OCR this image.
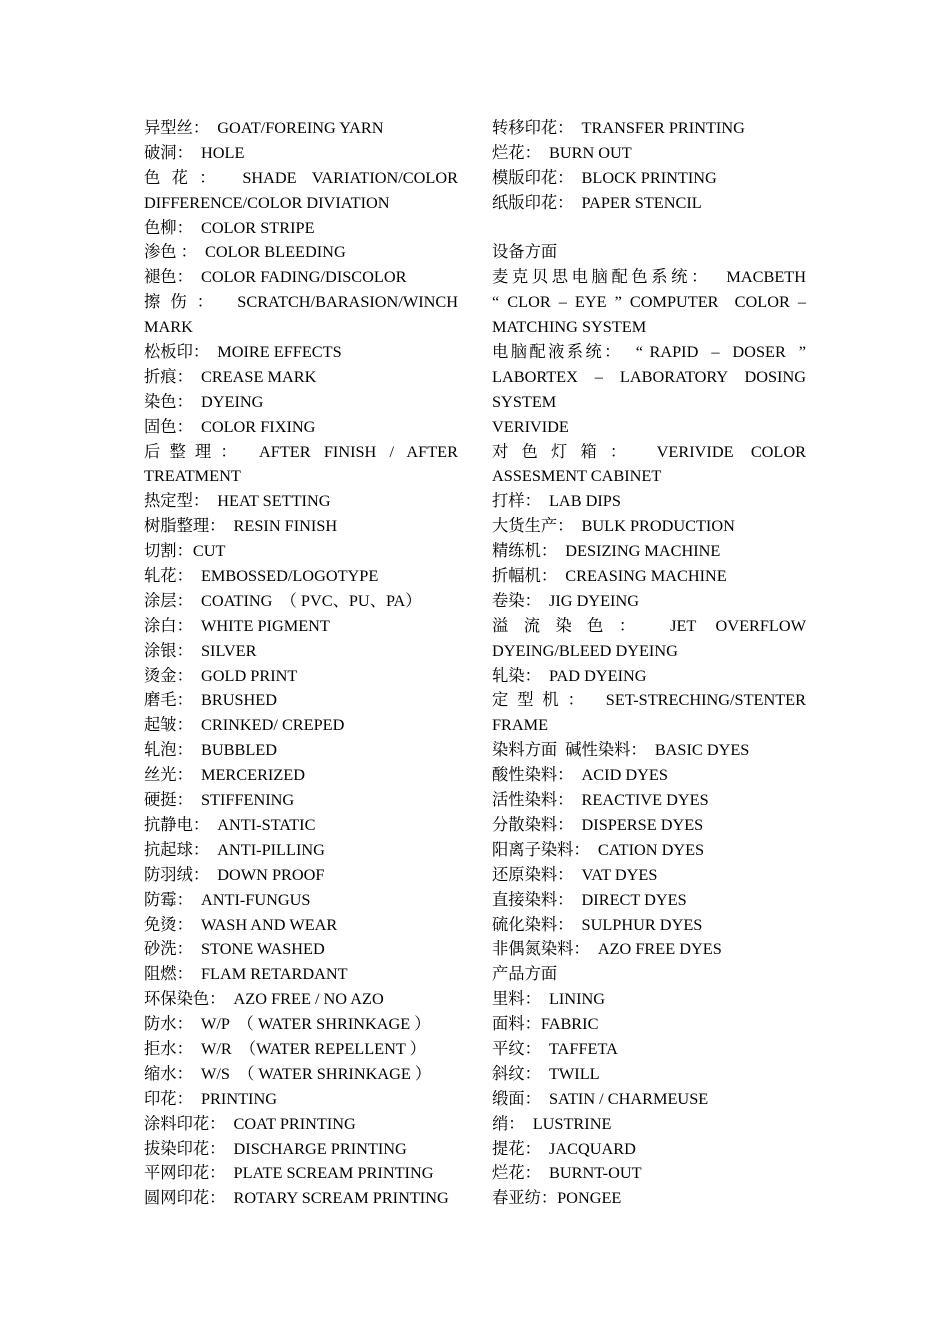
异型丝：  GOAT/FOREING YARN
破洞：  HOLE
色 花 ：   SHADE  VARIATION/COLOR
DIFFERENCE/COLOR DIVIATION
色柳：  COLOR STRIPE
渗色 ：  COLOR BLEEDING
褪色：  COLOR FADING/DISCOLOR
擦 伤 ：   SCRATCH/BARASION/WINCH
MARK
松板印：  MOIRE EFFECTS
折痕：  CREASE MARK
染色：  DYEING
固色：  COLOR FIXING
后 整 理 ：   AFTER  FINISH  /  AFTER
TREATMENT
热定型：  HEAT SETTING
树脂整理：  RESIN FINISH
切割：CUT
轧花：  EMBOSSED/LOGOTYPE
涂层：  COATING  （ PVC、PU、PA）
涂白：  WHITE PIGMENT
涂银：  SILVER
烫金：  GOLD PRINT
磨毛：  BRUSHED
起皱：  CRINKED/ CREPED
轧泡：  BUBBLED
丝光：  MERCERIZED
硬挺：  STIFFENING
抗静电：  ANTI-STATIC
抗起球：  ANTI-PILLING
防羽绒：  DOWN PROOF
防霉：  ANTI-FUNGUS
免烫：  WASH AND WEAR
砂洗：  STONE WASHED
阻燃：  FLAM RETARDANT
环保染色：  AZO FREE / NO AZO
防水：  W/P  （ WATER SHRINKAGE ）
拒水：  W/R  （WATER REPELLENT ）
缩水：  W/S  （ WATER SHRINKAGE ）
印花：  PRINTING
涂料印花：  COAT PRINTING
拔染印花：  DISCHARGE PRINTING
平网印花：  PLATE SCREAM PRINTING
圆网印花：  ROTARY SCREAM PRINTING
转移印花：  TRANSFER PRINTING
烂花：  BURN OUT
模版印花：  BLOCK PRINTING
纸版印花：  PAPER STENCIL
设备方面
麦克贝思电脑配色系统：  MACBETH
“ CLOR – EYE ” COMPUTER  COLOR –
MATCHING SYSTEM
电脑配液系统：  “ RAPID  –  DOSER  ”
LABORTEX  –  LABORATORY  DOSING
SYSTEM
VERIVIDE
对 色 灯 箱 ：   VERIVIDE  COLOR
ASSESMENT CABINET
打样：  LAB DIPS
大货生产：  BULK PRODUCTION
精练机：  DESIZING MACHINE
折幅机：  CREASING MACHINE
卷染：  JIG DYEING
溢 流 染 色 ：   JET  OVERFLOW
DYEING/BLEED DYEING
轧染：  PAD DYEING
定 型 机 ：   SET-STRECHING/STENTER
FRAME
染料方面  碱性染料：  BASIC DYES
酸性染料：  ACID DYES
活性染料：  REACTIVE DYES
分散染料：  DISPERSE DYES
阳离子染料：  CATION DYES
还原染料：  VAT DYES
直接染料：  DIRECT DYES
硫化染料：  SULPHUR DYES
非偶氮染料：  AZO FREE DYES
产品方面
里料：  LINING
面料：FABRIC
平纹：  TAFFETA
斜纹：  TWILL
缎面：  SATIN / CHARMEUSE
绡：  LUSTRINE
提花：  JACQUARD
烂花：  BURNT-OUT
春亚纺：PONGEE
